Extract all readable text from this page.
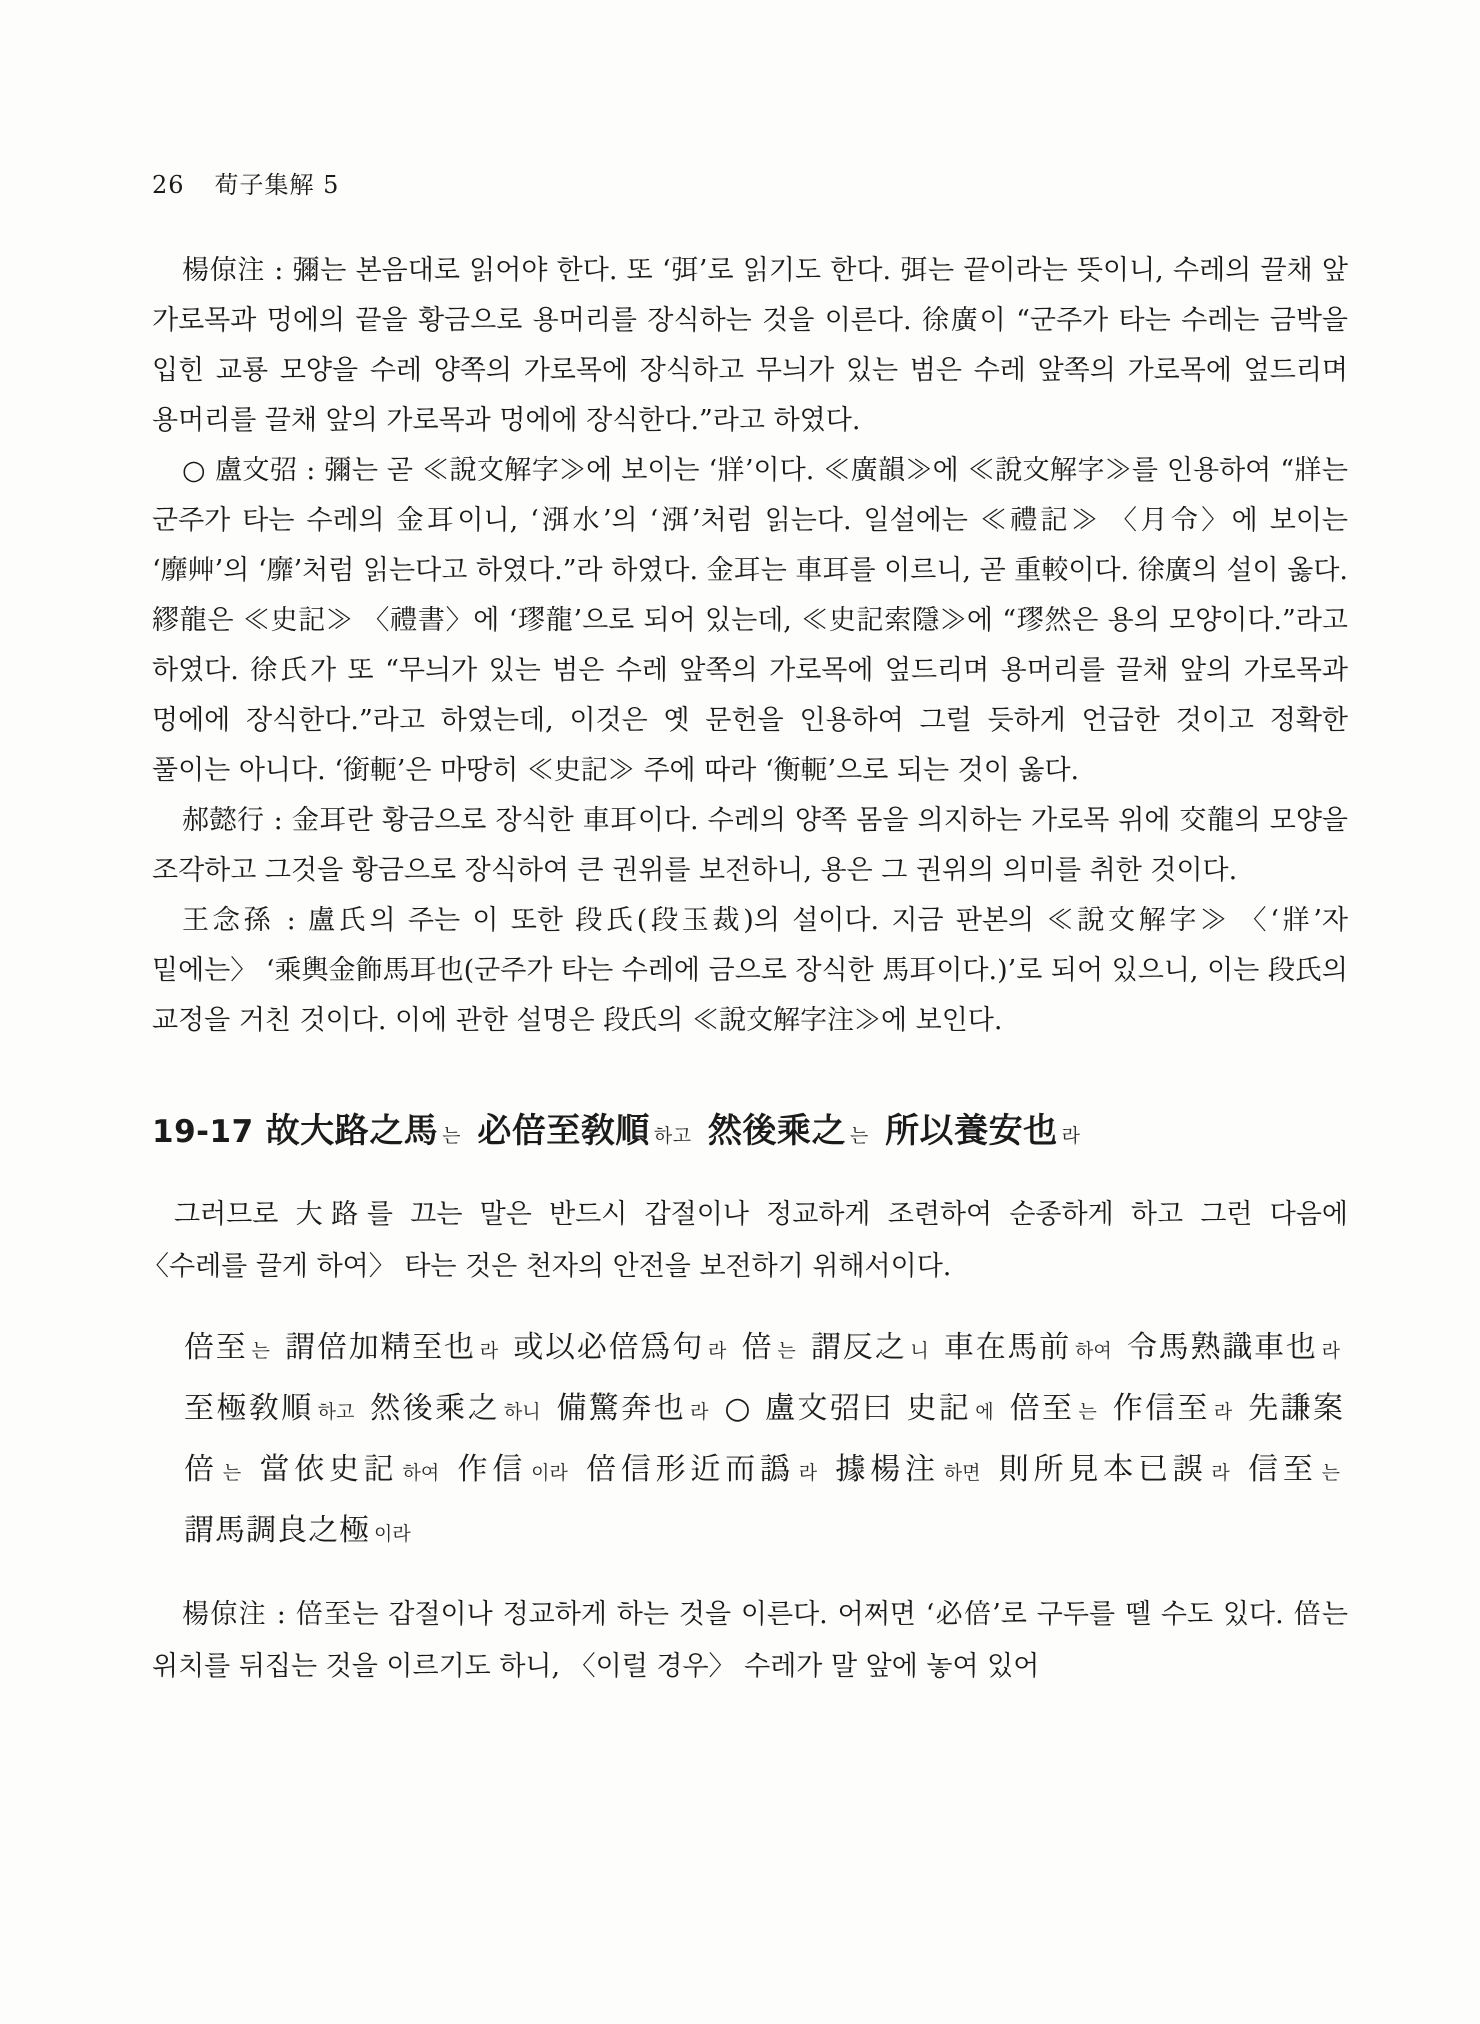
26 荀子集解 5
楊倞注 : 彌는 본음대로 읽어야 한다. 또 ‘弭’로 읽기도 한다. 弭는 끝이라는 뜻이니, 수레의 끌채 앞 가로목과 멍에의 끝을 황금으로 용머리를 장식하는 것을 이른다. 徐廣이 “군주가 타는 수레는 금박을 입힌 교룡 모양을 수레 양쪽의 가로목에 장식하고 무늬가 있는 범은 수레 앞쪽의 가로목에 엎드리며 용머리를 끌채 앞의 가로목과 멍에에 장식한다.”라고 하였다.
○ 盧文弨 : 彌는 곧 ≪說文解字≫에 보이는 ‘牂’이다. ≪廣韻≫에 ≪說文解字≫를 인용하여 “牂는 군주가 타는 수레의 金耳이니, ‘渳水’의 ‘渳’처럼 읽는다. 일설에는 ≪禮記≫ 〈月令〉에 보이는 ‘靡艸’의 ‘靡’처럼 읽는다고 하였다.”라 하였다. 金耳는 車耳를 이르니, 곧 重較이다. 徐廣의 설이 옳다. 繆龍은 ≪史記≫ 〈禮書〉에 ‘璆龍’으로 되어 있는데, ≪史記索隱≫에 “璆然은 용의 모양이다.”라고 하였다. 徐氏가 또 “무늬가 있는 범은 수레 앞쪽의 가로목에 엎드리며 용머리를 끌채 앞의 가로목과 멍에에 장식한다.”라고 하였는데, 이것은 옛 문헌을 인용하여 그럴 듯하게 언급한 것이고 정확한 풀이는 아니다. ‘銜軛’은 마땅히 ≪史記≫ 주에 따라 ‘衡軛’으로 되는 것이 옳다.
郝懿行 : 金耳란 황금으로 장식한 車耳이다. 수레의 양쪽 몸을 의지하는 가로목 위에 交龍의 모양을 조각하고 그것을 황금으로 장식하여 큰 권위를 보전하니, 용은 그 권위의 의미를 취한 것이다.
王念孫 : 盧氏의 주는 이 또한 段氏(段玉裁)의 설이다. 지금 판본의 ≪說文解字≫ 〈‘牂’자 밑에는〉 ‘乘輿金飾馬耳也(군주가 타는 수레에 금으로 장식한 馬耳이다.)’로 되어 있으니, 이는 段氏의 교정을 거친 것이다. 이에 관한 설명은 段氏의 ≪說文解字注≫에 보인다.
19-17 故大路之馬 는 必倍至敎順 하고 然後乘之 는 所以養安也 라
그러므로 大路를 끄는 말은 반드시 갑절이나 정교하게 조련하여 순종하게 하고 그런 다음에 〈수레를 끌게 하여〉 타는 것은 천자의 안전을 보전하기 위해서이다.
倍至 는 謂倍加精至也 라 或以必倍爲句 라 倍 는 謂反之 니 車在馬前 하여 令馬熟識車也 라 至極敎順 하고 然後乘之 하니 備驚奔也 라 ○ 盧文弨曰 史記 에 倍至 는 作信至 라 先謙案 倍 는 當依史記 하여 作信 이라 倍信形近而譌 라 據楊注 하면 則所見本已誤 라 信至 는 謂馬調良之極 이라
楊倞注 : 倍至는 갑절이나 정교하게 하는 것을 이른다. 어쩌면 ‘必倍’로 구두를 뗄 수도 있다. 倍는 위치를 뒤집는 것을 이르기도 하니, 〈이럴 경우〉 수레가 말 앞에 놓여 있어
